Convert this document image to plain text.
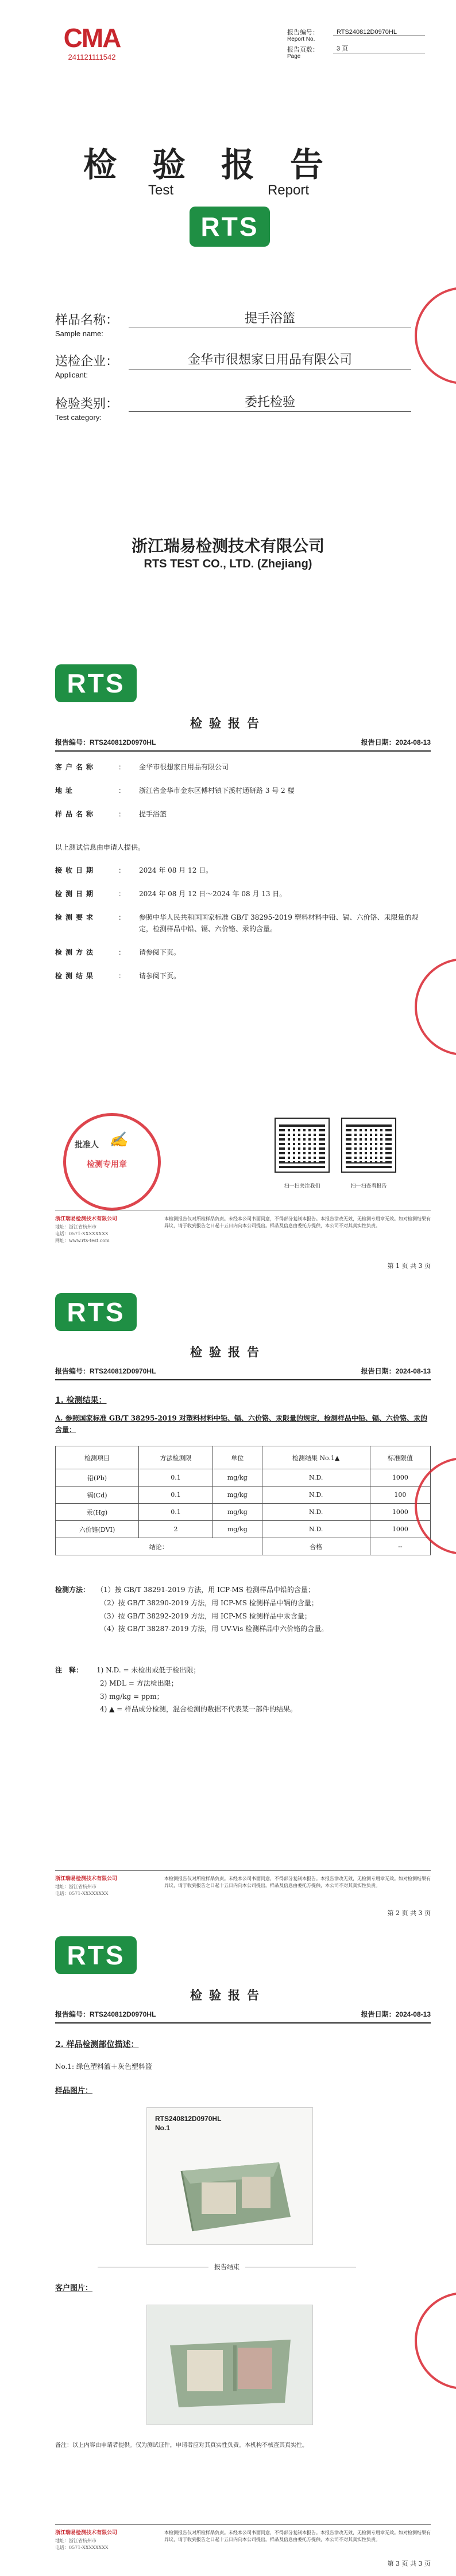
CMA
241121111542
报告编号：	RTS240812D0970HL
Report No.
报告页数：	3 页
Page
检验报告
Test	Report
RTS
样品名称：	提手浴篮
Sample name:
送检企业：	金华市很想家日用品有限公司
Applicant:
检验类别：	委托检验
Test category:
浙江瑞易检测技术有限公司
RTS TEST CO., LTD. (Zhejiang)
RTS
检验报告
报告编号：RTS240812D0970HL	报告日期：2024-08-13
客户名称	：	金华市很想家日用品有限公司
地址	：	浙江省金华市金东区傅村镇下溪村通研路 3 号 2 楼
样品名称	：	提手浴篮
以上测试信息由申请人提供。
接收日期	：	2024 年 08 月 12 日。
检测日期	：	2024 年 08 月 12 日～2024 年 08 月 13 日。
检测要求	：	参照中华人民共和国国家标准 GB/T 38295-2019 塑料材料中铅、镉、六价铬、汞限量的规定，检测样品中铅、镉、六价铬、汞的含量。
检测方法	：	请参阅下页。
检测结果	：	请参阅下页。
检测专用章
批准人 ✍
扫一扫关注我们	扫一扫查看报告
浙江瑞易检测技术有限公司
地址：浙江省杭州市
电话：0571-XXXXXXXX
网址：www.rts-test.com
本检测报告仅对所检样品负责。未经本公司书面同意，不得部分复制本报告。本报告涂改无效，无检测专用章无效。如对检测结果有异议，请于收到报告之日起十五日内向本公司提出。样品及信息由委托方提供，本公司不对其真实性负责。
第 1 页 共 3 页
RTS
检验报告
报告编号：RTS240812D0970HL	报告日期：2024-08-13
1. 检测结果：
A. 参照国家标准 GB/T 38295-2019 对塑料材料中铅、镉、六价铬、汞限量的规定，检测样品中铅、镉、六价铬、汞的含量：
检测项目	方法检测限	单位	检测结果 No.1▲	标准限值
铅(Pb)	0.1	mg/kg	N.D.	1000
镉(Cd)	0.1	mg/kg	N.D.	100
汞(Hg)	0.1	mg/kg	N.D.	1000
六价铬(DVI)	2	mg/kg	N.D.	1000
结论：			合格	--
检测方法： （1）按 GB/T 38291-2019 方法，用 ICP-MS 检测样品中铅的含量；
（2）按 GB/T 38290-2019 方法，用 ICP-MS 检测样品中镉的含量；
（3）按 GB/T 38292-2019 方法，用 ICP-MS 检测样品中汞含量；
（4）按 GB/T 38287-2019 方法，用 UV-Vis 检测样品中六价铬的含量。
注　释： 1) N.D. = 未检出或低于检出限；
2) MDL = 方法检出限；
3) mg/kg = ppm；
4) ▲ = 样品成分检测，混合检测的数据不代表某一部件的结果。
浙江瑞易检测技术有限公司
地址：浙江省杭州市
电话：0571-XXXXXXXX
本检测报告仅对所检样品负责。未经本公司书面同意，不得部分复制本报告。本报告涂改无效，无检测专用章无效。如对检测结果有异议，请于收到报告之日起十五日内向本公司提出。样品及信息由委托方提供，本公司不对其真实性负责。
第 2 页 共 3 页
RTS
检验报告
报告编号：RTS240812D0970HL	报告日期：2024-08-13
2. 样品检测部位描述：
No.1: 绿色塑料篮＋灰色塑料篮
样品图片：
RTS240812D0970HL
No.1
报告结束
客户图片：
备注：以上内容由申请者提供。仅为测试证件，申请者应对其真实性负责。本机构不核查其真实性。
浙江瑞易检测技术有限公司
地址：浙江省杭州市
电话：0571-XXXXXXXX
本检测报告仅对所检样品负责。未经本公司书面同意，不得部分复制本报告。本报告涂改无效，无检测专用章无效。如对检测结果有异议，请于收到报告之日起十五日内向本公司提出。样品及信息由委托方提供，本公司不对其真实性负责。
第 3 页 共 3 页
